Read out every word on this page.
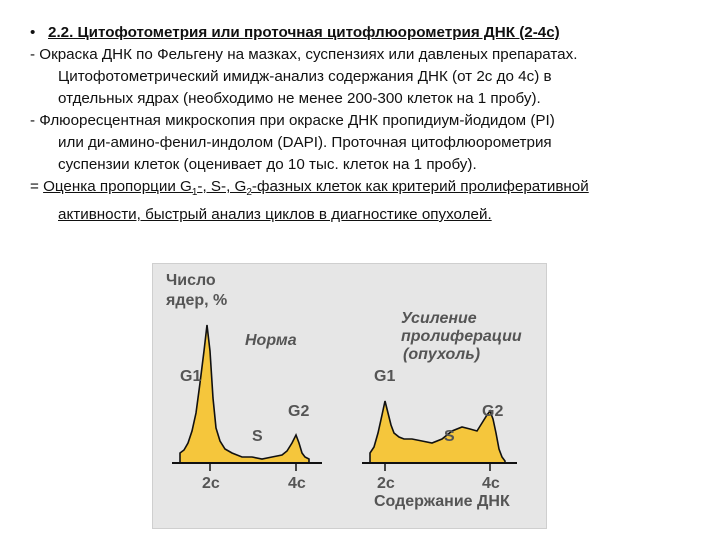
• 2.2. Цитофотометрия или проточная цитофлюорометрия ДНК (2-4с)
- Окраска ДНК по Фельгену на мазках, суспензиях или давленых препаратах.
Цитофотометрический имидж-анализ содержания ДНК (от 2с до 4с) в
отдельных ядрах (необходимо не менее 200-300 клеток на 1 пробу).
- Флюоресцентная микроскопия при окраске ДНК пропидиум-йодидом (PI)
или ди-амино-фенил-индолом (DAPI). Проточная цитофлюорометрия
суспензии клеток (оценивает до 10 тыс. клеток на 1 пробу).
= Оценка пропорции $G_1-$, S-, $G_2$-фазных клеток как критерий пролиферативной
активности, быстрый анализ циклов в диагностике опухолей.
Число
ядер, %
Норма
Усиление
пролиферации
(опухоль)
G1
G2
S
G1
G2
S
2c	4c	2c	4c
Содержание ДНК
